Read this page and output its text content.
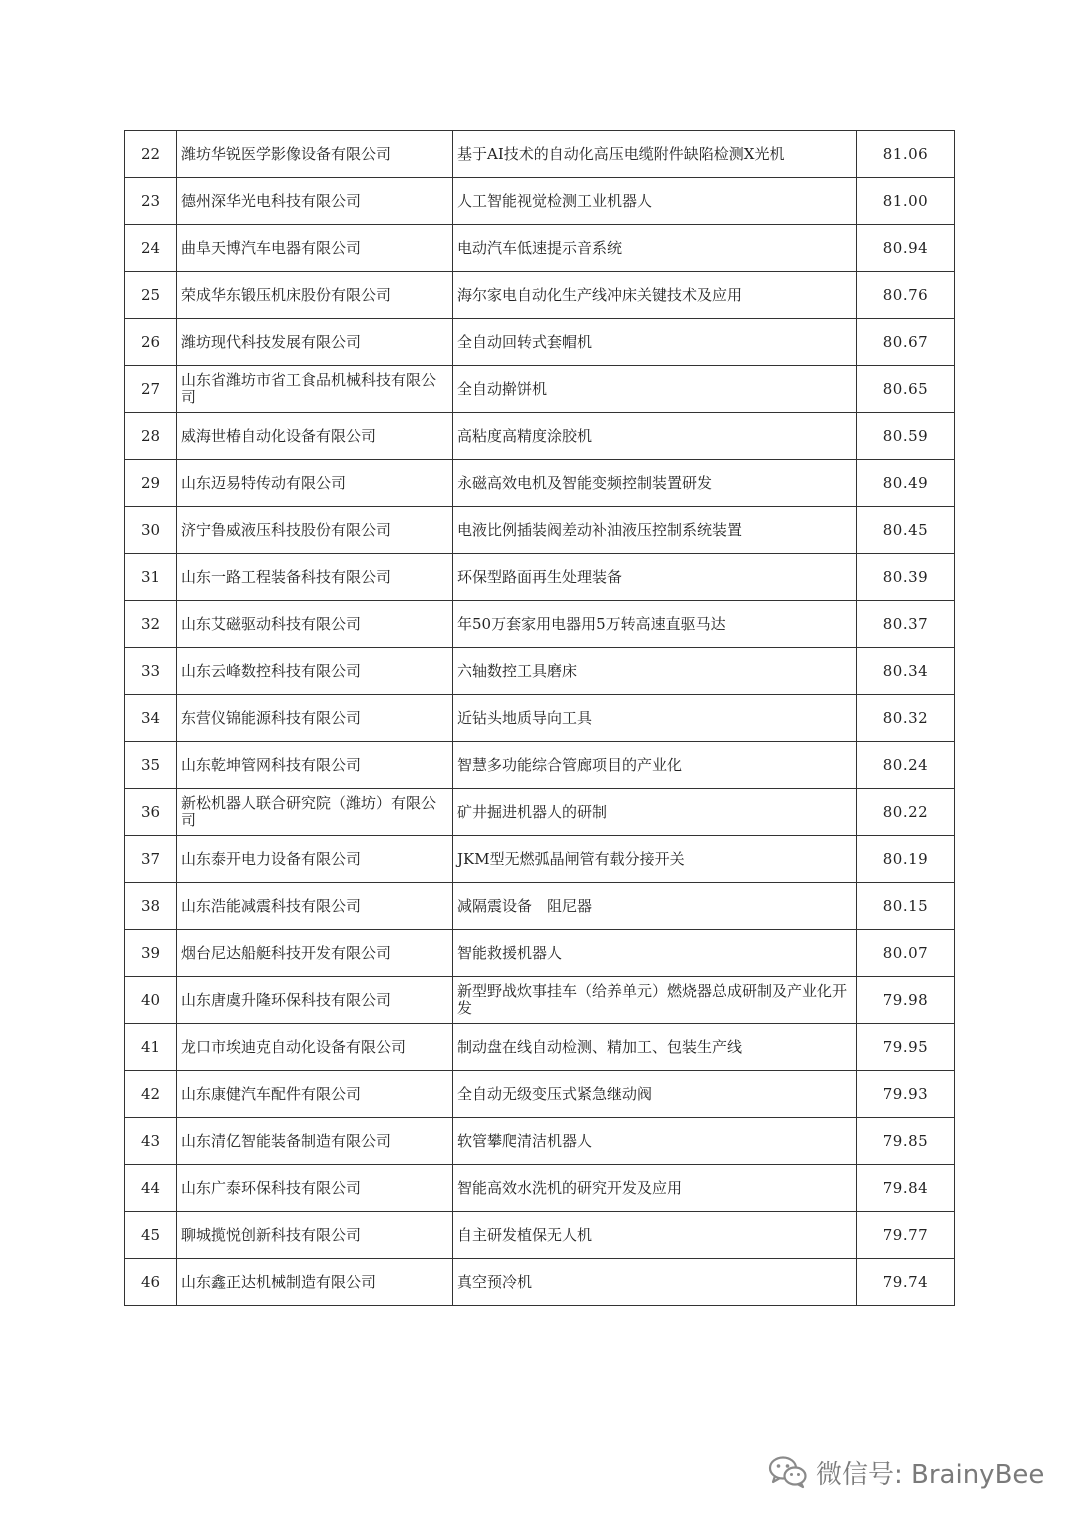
22	潍坊华锐医学影像设备有限公司	基于AI技术的自动化高压电缆附件缺陷检测X光机	81.06
23	德州深华光电科技有限公司	人工智能视觉检测工业机器人	81.00
24	曲阜天博汽车电器有限公司	电动汽车低速提示音系统	80.94
25	荣成华东锻压机床股份有限公司	海尔家电自动化生产线冲床关键技术及应用	80.76
26	潍坊现代科技发展有限公司	全自动回转式套帽机	80.67
27	山东省潍坊市省工食品机械科技有限公司	全自动擀饼机	80.65
28	威海世椿自动化设备有限公司	高粘度高精度涂胶机	80.59
29	山东迈易特传动有限公司	永磁高效电机及智能变频控制装置研发	80.49
30	济宁鲁威液压科技股份有限公司	电液比例插装阀差动补油液压控制系统装置	80.45
31	山东一路工程装备科技有限公司	环保型路面再生处理装备	80.39
32	山东艾磁驱动科技有限公司	年50万套家用电器用5万转高速直驱马达	80.37
33	山东云峰数控科技有限公司	六轴数控工具磨床	80.34
34	东营仪锦能源科技有限公司	近钻头地质导向工具	80.32
35	山东乾坤管网科技有限公司	智慧多功能综合管廊项目的产业化	80.24
36	新松机器人联合研究院（潍坊）有限公司	矿井掘进机器人的研制	80.22
37	山东泰开电力设备有限公司	JKM型无燃弧晶闸管有载分接开关	80.19
38	山东浩能减震科技有限公司	减隔震设备　阻尼器	80.15
39	烟台尼达船艇科技开发有限公司	智能救援机器人	80.07
40	山东唐虞升隆环保科技有限公司	新型野战炊事挂车（给养单元）燃烧器总成研制及产业化开发	79.98
41	龙口市埃迪克自动化设备有限公司	制动盘在线自动检测、精加工、包装生产线	79.95
42	山东康健汽车配件有限公司	全自动无级变压式紧急继动阀	79.93
43	山东清亿智能装备制造有限公司	软管攀爬清洁机器人	79.85
44	山东广泰环保科技有限公司	智能高效水洗机的研究开发及应用	79.84
45	聊城揽悦创新科技有限公司	自主研发植保无人机	79.77
46	山东鑫正达机械制造有限公司	真空预冷机	79.74
微信号: BrainyBee
